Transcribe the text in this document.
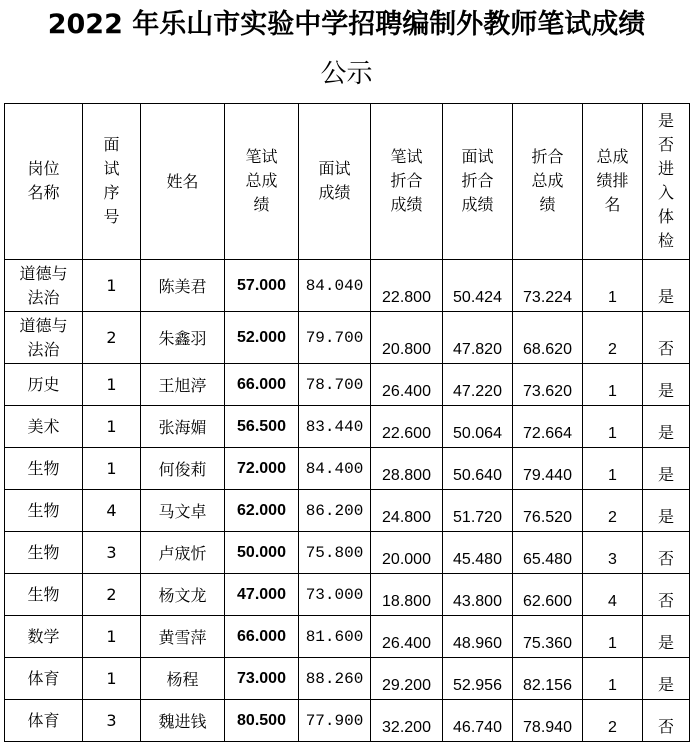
2022 年乐山市实验中学招聘编制外教师笔试成绩
公示
岗位名称	面试序号	姓名	笔试总成绩	面试成绩	笔试折合成绩	面试折合成绩	折合总成绩	总成绩排名	是否进入体检
道德与法治	1	陈美君	57.000	84.040	22.800	50.424	73.224	1	是
道德与法治	2	朱鑫羽	52.000	79.700	20.800	47.820	68.620	2	否
历史	1	王旭渟	66.000	78.700	26.400	47.220	73.620	1	是
美术	1	张海媚	56.500	83.440	22.600	50.064	72.664	1	是
生物	1	何俊莉	72.000	84.400	28.800	50.640	79.440	1	是
生物	4	马文卓	62.000	86.200	24.800	51.720	76.520	2	是
生物	3	卢宬忻	50.000	75.800	20.000	45.480	65.480	3	否
生物	2	杨文龙	47.000	73.000	18.800	43.800	62.600	4	否
数学	1	黄雪萍	66.000	81.600	26.400	48.960	75.360	1	是
体育	1	杨程	73.000	88.260	29.200	52.956	82.156	1	是
体育	3	魏进钱	80.500	77.900	32.200	46.740	78.940	2	否
